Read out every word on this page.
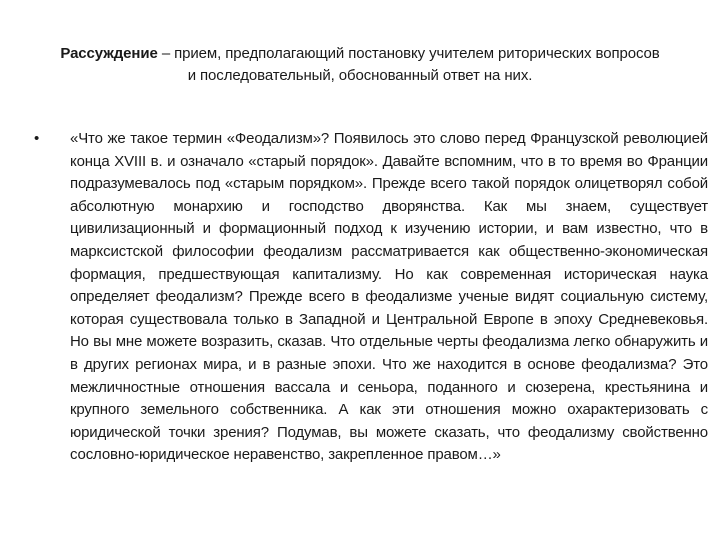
Рассуждение – прием, предполагающий постановку учителем риторических вопросов и последовательный, обоснованный ответ на них.
•	«Что же такое термин «Феодализм»? Появилось это слово перед Французской революцией конца XVIII в. и означало «старый порядок». Давайте вспомним, что в то время во Франции подразумевалось под «старым порядком». Прежде всего такой порядок олицетворял собой абсолютную монархию и господство дворянства. Как мы знаем, существует цивилизационный и формационный подход к изучению истории, и вам известно, что в марксистской философии феодализм рассматривается как общественно-экономическая формация, предшествующая капитализму. Но как современная историческая наука определяет феодализм? Прежде всего в феодализме ученые видят социальную систему, которая существовала только в Западной и Центральной Европе в эпоху Средневековья. Но вы мне можете возразить, сказав. Что отдельные черты феодализма легко обнаружить и в других регионах мира, и в разные эпохи. Что же находится в основе феодализма? Это межличностные отношения вассала и сеньора, поданного и сюзерена, крестьянина и крупного земельного собственника. А как эти отношения можно охарактеризовать с юридической точки зрения? Подумав, вы можете сказать, что феодализму свойственно сословно-юридическое неравенство, закрепленное правом…»
